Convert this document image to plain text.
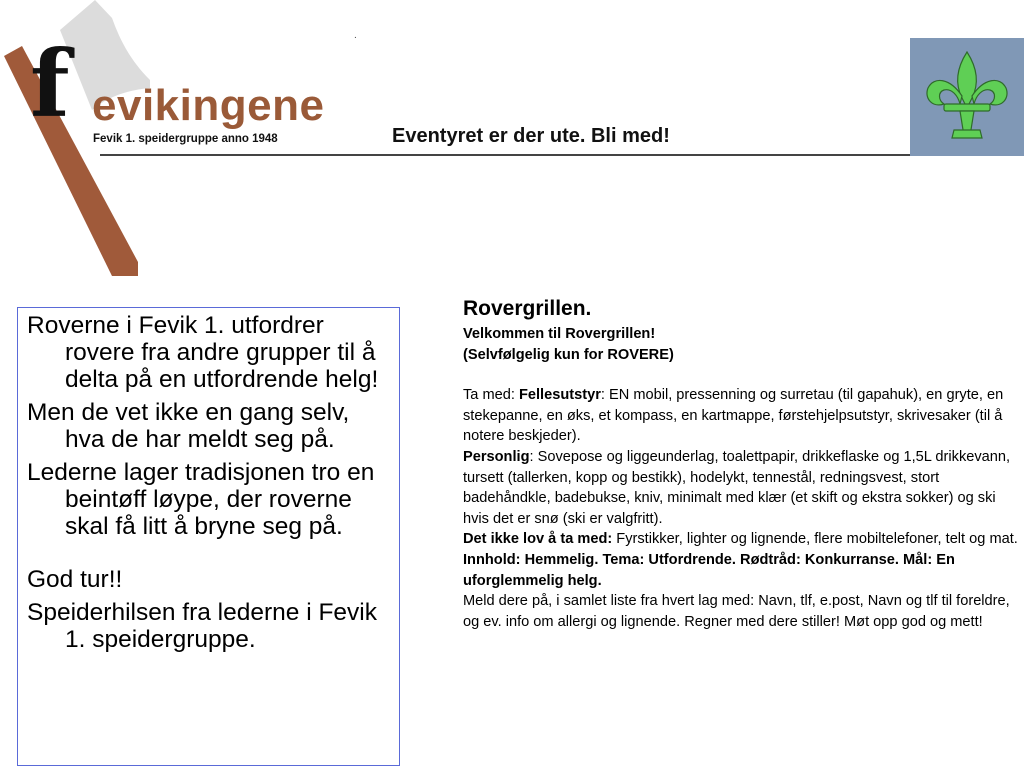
.
f evikingene
Fevik 1. speidergruppe anno 1948	Eventyret er der ute. Bli med!

Roverne i Fevik 1. utfordrer rovere fra andre grupper til å delta på en utfordrende helg!

Men de vet ikke en gang selv, hva de har meldt seg på.

Lederne lager tradisjonen tro en beintøff løype, der roverne skal få litt å bryne seg på.

God tur!!

Speiderhilsen fra lederne i Fevik 1. speidergruppe.

Rovergrillen.

Velkommen til Rovergrillen!

(Selvfølgelig kun for ROVERE)

Ta med: Fellesutstyr: EN mobil, pressenning og surretau (til gapahuk), en gryte, en stekepanne, en øks, et kompass, en kartmappe, førstehjelpsutstyr, skrivesaker (til å notere beskjeder).

Personlig: Sovepose og liggeunderlag, toalettpapir, drikkeflaske og 1,5L drikkevann, tursett (tallerken, kopp og bestikk), hodelykt, tennestål, redningsvest, stort badehåndkle, badebukse, kniv, minimalt med klær (et skift og ekstra sokker) og ski hvis det er snø (ski er valgfritt).

Det ikke lov å ta med: Fyrstikker, lighter og lignende, flere mobiltelefoner, telt og mat.

Innhold: Hemmelig. Tema: Utfordrende. Rødtråd: Konkurranse. Mål: En uforglemmelig helg.

Meld dere på, i samlet liste fra hvert lag med: Navn, tlf, e.post, Navn og tlf til foreldre, og ev. info om allergi og lignende. Regner med dere stiller! Møt opp god og mett!
